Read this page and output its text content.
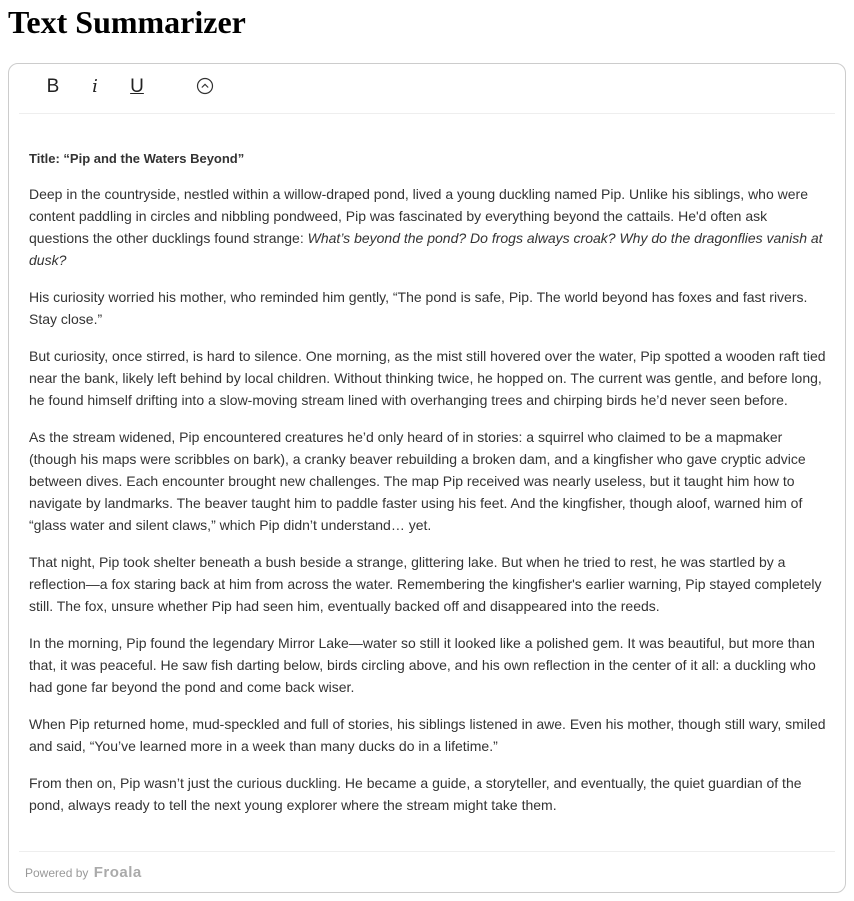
Text Summarizer
B	i	U

Title: “Pip and the Waters Beyond”

Deep in the countryside, nestled within a willow-draped pond, lived a young duckling named Pip. Unlike his siblings, who were content paddling in circles and nibbling pondweed, Pip was fascinated by everything beyond the cattails. He'd often ask questions the other ducklings found strange: What’s beyond the pond? Do frogs always croak? Why do the dragonflies vanish at dusk?

His curiosity worried his mother, who reminded him gently, “The pond is safe, Pip. The world beyond has foxes and fast rivers. Stay close.”

But curiosity, once stirred, is hard to silence. One morning, as the mist still hovered over the water, Pip spotted a wooden raft tied near the bank, likely left behind by local children. Without thinking twice, he hopped on. The current was gentle, and before long, he found himself drifting into a slow-moving stream lined with overhanging trees and chirping birds he’d never seen before.

As the stream widened, Pip encountered creatures he’d only heard of in stories: a squirrel who claimed to be a mapmaker (though his maps were scribbles on bark), a cranky beaver rebuilding a broken dam, and a kingfisher who gave cryptic advice between dives. Each encounter brought new challenges. The map Pip received was nearly useless, but it taught him how to navigate by landmarks. The beaver taught him to paddle faster using his feet. And the kingfisher, though aloof, warned him of “glass water and silent claws,” which Pip didn’t understand… yet.

That night, Pip took shelter beneath a bush beside a strange, glittering lake. But when he tried to rest, he was startled by a reflection—a fox staring back at him from across the water. Remembering the kingfisher's earlier warning, Pip stayed completely still. The fox, unsure whether Pip had seen him, eventually backed off and disappeared into the reeds.

In the morning, Pip found the legendary Mirror Lake—water so still it looked like a polished gem. It was beautiful, but more than that, it was peaceful. He saw fish darting below, birds circling above, and his own reflection in the center of it all: a duckling who had gone far beyond the pond and come back wiser.

When Pip returned home, mud-speckled and full of stories, his siblings listened in awe. Even his mother, though still wary, smiled and said, “You’ve learned more in a week than many ducks do in a lifetime.”

From then on, Pip wasn’t just the curious duckling. He became a guide, a storyteller, and eventually, the quiet guardian of the pond, always ready to tell the next young explorer where the stream might take them.

Powered by Froala
